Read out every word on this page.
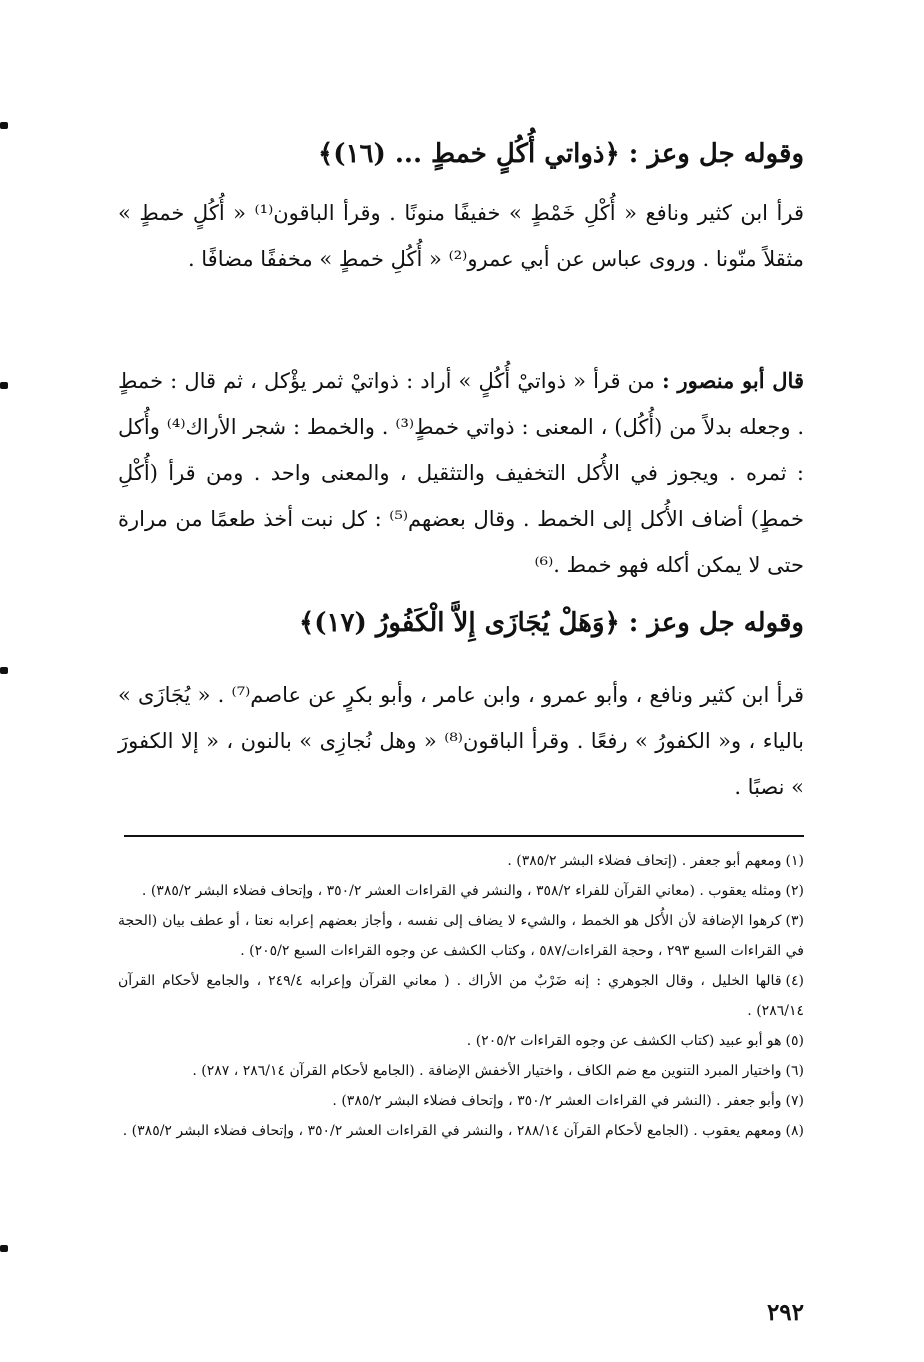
وقوله جل وعز : ﴿ذواتي أُكُلٍ خمطٍ ... (١٦)﴾

قرأ ابن كثير ونافع « أُكْلِ خَمْطٍ » خفيفًا منونًا . وقرأ الباقون⁽¹⁾ « أُكُلٍ خمطٍ » مثقلاً منّونا . وروى عباس عن أبي عمرو⁽²⁾ « أُكُلِ خمطٍ » مخففًا مضافًا .

قال أبو منصور : من قرأ « ذواتيْ أُكُلٍ » أراد : ذواتيْ ثمر يؤْكل ، ثم قال : خمطٍ . وجعله بدلاً من (أُكُل) ، المعنى : ذواتي خمطٍ⁽³⁾ . والخمط : شجر الأراك⁽⁴⁾ وأُكل : ثمره . ويجوز في الأُكل التخفيف والتثقيل ، والمعنى واحد . ومن قرأ (أُكْلِ خمطٍ) أضاف الأُكل إلى الخمط . وقال بعضهم⁽⁵⁾ : كل نبت أخذ طعمًا من مرارة حتى لا يمكن أكله فهو خمط .⁽⁶⁾

وقوله جل وعز : ﴿وَهَلْ يُجَازَى إِلاَّ الْكَفُورُ (١٧)﴾

قرأ ابن كثير ونافع ، وأبو عمرو ، وابن عامر ، وأبو بكرٍ عن عاصم⁽⁷⁾ . « يُجَازَى » بالياء ، و« الكفورُ » رفعًا . وقرأ الباقون⁽⁸⁾ « وهل نُجازِى » بالنون ، « إلا الكفورَ » نصبًا .

(١)ومعهم أبو جعفر . (إتحاف فضلاء البشر ٣٨٥/٢) .

(٢)ومثله يعقوب . (معاني القرآن للفراء ٣٥٨/٢ ، والنشر في القراءات العشر ٣٥٠/٢ ، وإتحاف فضلاء البشر ٣٨٥/٢) .

(٣)كرهوا الإضافة لأن الأُكل هو الخمط ، والشيء لا يضاف إلى نفسه ، وأجاز بعضهم إعرابه نعتا ، أو عطف بيان (الحجة في القراءات السبع ٢٩٣ ، وحجة القراءات/٥٨٧ ، وكتاب الكشف عن وجوه القراءات السبع ٢٠٥/٢) .

(٤)قالها الخليل ، وقال الجوهري : إنه ضَرْبٌ من الأراك . ( معاني القرآن وإعرابه ٢٤٩/٤ ، والجامع لأحكام القرآن ٢٨٦/١٤) .

(٥)هو أبو عبيد (كتاب الكشف عن وجوه القراءات ٢٠٥/٢) .

(٦)واختيار المبرد التنوين مع ضم الكاف ، واختيار الأخفش الإضافة . (الجامع لأحكام القرآن ٢٨٦/١٤ ، ٢٨٧) .

(٧)وأبو جعفر . (النشر في القراءات العشر ٣٥٠/٢ ، وإتحاف فضلاء البشر ٣٨٥/٢) .

(٨)ومعهم يعقوب . (الجامع لأحكام القرآن ٢٨٨/١٤ ، والنشر في القراءات العشر ٣٥٠/٢ ، وإتحاف فضلاء البشر ٣٨٥/٢) .

٢٩٢
